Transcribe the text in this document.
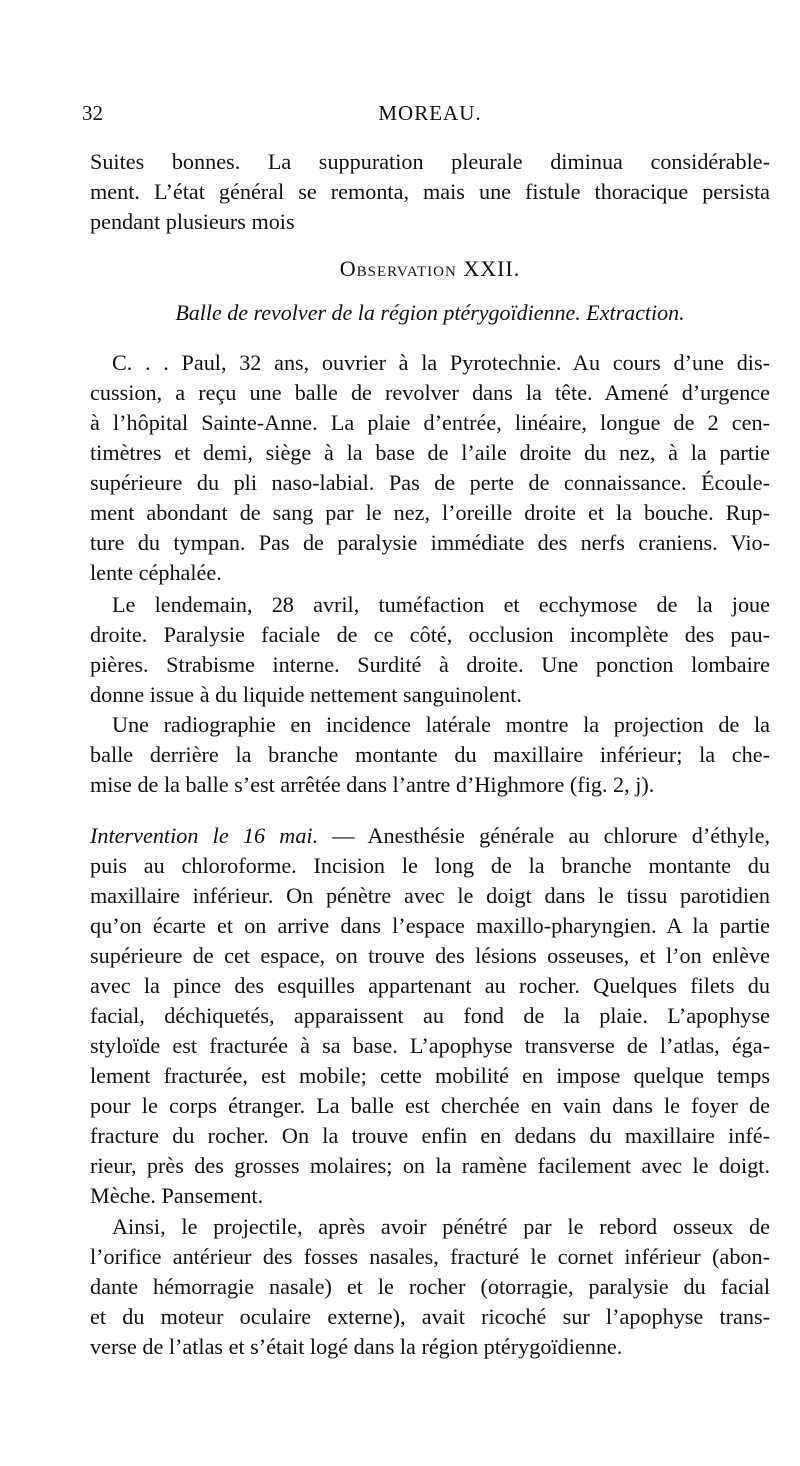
32	MOREAU.
Suites bonnes. La suppuration pleurale diminua considérable-
ment. L’état général se remonta, mais une fistule thoracique persista
pendant plusieurs mois
Observation XXII.
Balle de revolver de la région ptérygoïdienne. Extraction.
C. . . Paul, 32 ans, ouvrier à la Pyrotechnie. Au cours d’une dis-
cussion, a reçu une balle de revolver dans la tête. Amené d’urgence
à l’hôpital Sainte-Anne. La plaie d’entrée, linéaire, longue de 2 cen-
timètres et demi, siège à la base de l’aile droite du nez, à la partie
supérieure du pli naso-labial. Pas de perte de connaissance. Écoule-
ment abondant de sang par le nez, l’oreille droite et la bouche. Rup-
ture du tympan. Pas de paralysie immédiate des nerfs craniens. Vio-
lente céphalée.
Le lendemain, 28 avril, tuméfaction et ecchymose de la joue
droite. Paralysie faciale de ce côté, occlusion incomplète des pau-
pières. Strabisme interne. Surdité à droite. Une ponction lombaire
donne issue à du liquide nettement sanguinolent.
Une radiographie en incidence latérale montre la projection de la
balle derrière la branche montante du maxillaire inférieur; la che-
mise de la balle s’est arrêtée dans l’antre d’Highmore (fig. 2, j).
Intervention le 16 mai. — Anesthésie générale au chlorure d’éthyle,
puis au chloroforme. Incision le long de la branche montante du
maxillaire inférieur. On pénètre avec le doigt dans le tissu parotidien
qu’on écarte et on arrive dans l’espace maxillo-pharyngien. A la partie
supérieure de cet espace, on trouve des lésions osseuses, et l’on enlève
avec la pince des esquilles appartenant au rocher. Quelques filets du
facial, déchiquetés, apparaissent au fond de la plaie. L’apophyse
styloïde est fracturée à sa base. L’apophyse transverse de l’atlas, éga-
lement fracturée, est mobile; cette mobilité en impose quelque temps
pour le corps étranger. La balle est cherchée en vain dans le foyer de
fracture du rocher. On la trouve enfin en dedans du maxillaire infé-
rieur, près des grosses molaires; on la ramène facilement avec le doigt.
Mèche. Pansement.
Ainsi, le projectile, après avoir pénétré par le rebord osseux de
l’orifice antérieur des fosses nasales, fracturé le cornet inférieur (abon-
dante hémorragie nasale) et le rocher (otorragie, paralysie du facial
et du moteur oculaire externe), avait ricoché sur l’apophyse trans-
verse de l’atlas et s’était logé dans la région ptérygoïdienne.
